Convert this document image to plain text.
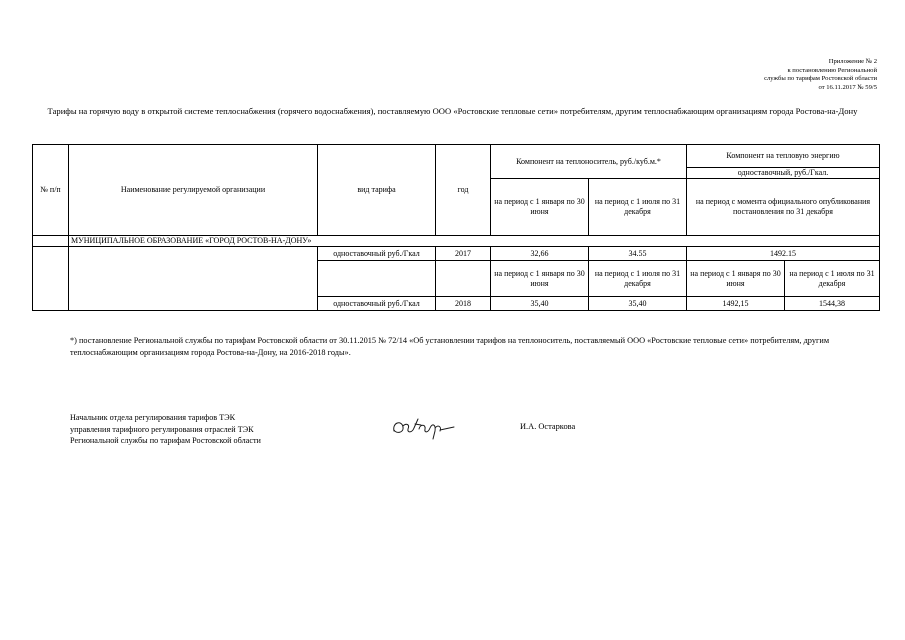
Приложение № 2
к постановлению Региональной
службы по тарифам Ростовской области
от 16.11.2017 № 59/5
Тарифы на горячую воду в открытой системе теплоснабжения (горячего водоснабжения), поставляемую ООО «Ростовские тепловые сети» потребителям, другим теплоснабжающим организациям города Ростова-на-Дону
№ п/п	Наименование регулируемой организации	вид тарифа	год	Компонент на теплоноситель, руб./куб.м.*		Компонент на тепловую энергию	
						одноставочный, руб./Гкал.	
				на период с 1 января по 30 июня	на период с 1 июля по 31 декабря	на период с момента официального опубликования постановления по 31 декабря	
	МУНИЦИПАЛЬНОЕ ОБРАЗОВАНИЕ «ГОРОД РОСТОВ-НА-ДОНУ»						
		одноставочный руб./Гкал	2017	32,66	34.55	1492.15	
				на период с 1 января по 30 июня	на период с 1 июля по 31 декабря	на период с 1 января по 30 июня	на период с 1 июля по 31 декабря
		одноставочный руб./Гкал	2018	35,40	35,40	1492,15	1544,38
*) постановление Региональной службы по тарифам Ростовской области от 30.11.2015 № 72/14 «Об установлении тарифов на теплоноситель, поставляемый ООО «Ростовские тепловые сети» потребителям, другим теплоснабжающим организациям города Ростова-на-Дону, на 2016-2018 годы».
Начальник отдела регулирования тарифов ТЭК
управления тарифного регулирования отраслей ТЭК
Региональной службы по тарифам Ростовской области
И.А. Остаркова
